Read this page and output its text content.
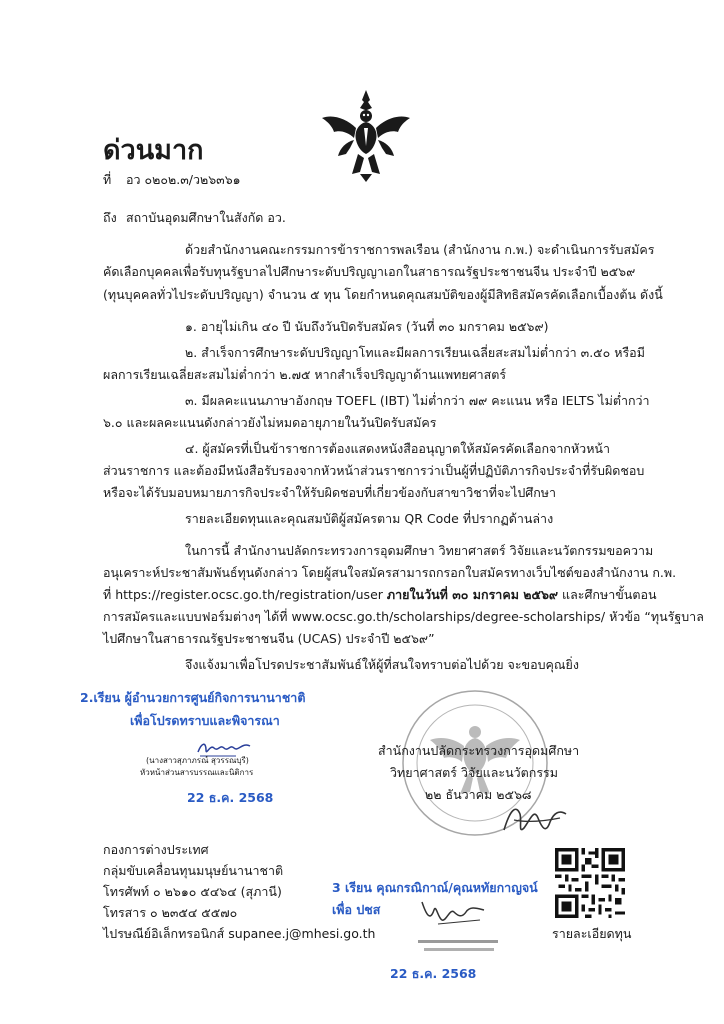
ด่วนมาก
ที่ อว ๐๒๐๒.๓/ว๒๖๓๖๑
ถึง สถาบันอุดมศึกษาในสังกัด อว.
ด้วยสำนักงานคณะกรรมการข้าราชการพลเรือน (สำนักงาน ก.พ.) จะดำเนินการรับสมัคร
คัดเลือกบุคคลเพื่อรับทุนรัฐบาลไปศึกษาระดับปริญญาเอกในสาธารณรัฐประชาชนจีน ประจำปี ๒๕๖๙
(ทุนบุคคลทั่วไประดับปริญญา) จำนวน ๕ ทุน โดยกำหนดคุณสมบัติของผู้มีสิทธิสมัครคัดเลือกเบื้องต้น ดังนี้
๑. อายุไม่เกิน ๔๐ ปี นับถึงวันปิดรับสมัคร (วันที่ ๓๐ มกราคม ๒๕๖๙)
๒. สำเร็จการศึกษาระดับปริญญาโทและมีผลการเรียนเฉลี่ยสะสมไม่ต่ำกว่า ๓.๕๐ หรือมี
ผลการเรียนเฉลี่ยสะสมไม่ต่ำกว่า ๒.๗๕ หากสำเร็จปริญญาด้านแพทยศาสตร์
๓. มีผลคะแนนภาษาอังกฤษ TOEFL (IBT) ไม่ต่ำกว่า ๗๙ คะแนน หรือ IELTS ไม่ต่ำกว่า
๖.๐ และผลคะแนนดังกล่าวยังไม่หมดอายุภายในวันปิดรับสมัคร
๔. ผู้สมัครที่เป็นข้าราชการต้องแสดงหนังสืออนุญาตให้สมัครคัดเลือกจากหัวหน้า
ส่วนราชการ และต้องมีหนังสือรับรองจากหัวหน้าส่วนราชการว่าเป็นผู้ที่ปฏิบัติภารกิจประจำที่รับผิดชอบ
หรือจะได้รับมอบหมายภารกิจประจำให้รับผิดชอบที่เกี่ยวข้องกับสาขาวิชาที่จะไปศึกษา
รายละเอียดทุนและคุณสมบัติผู้สมัครตาม QR Code ที่ปรากฏด้านล่าง
ในการนี้ สำนักงานปลัดกระทรวงการอุดมศึกษา วิทยาศาสตร์ วิจัยและนวัตกรรมขอความ
อนุเคราะห์ประชาสัมพันธ์ทุนดังกล่าว โดยผู้สนใจสมัครสามารถกรอกใบสมัครทางเว็บไซต์ของสำนักงาน ก.พ.
ที่ https://register.ocsc.go.th/registration/user ภายในวันที่ ๓๐ มกราคม ๒๕๖๙ และศึกษาขั้นตอน
การสมัครและแบบฟอร์มต่างๆ ได้ที่ www.ocsc.go.th/scholarships/degree-scholarships/ หัวข้อ “ทุนรัฐบาล
ไปศึกษาในสาธารณรัฐประชาชนจีน (UCAS) ประจำปี ๒๕๖๙”
จึงแจ้งมาเพื่อโปรดประชาสัมพันธ์ให้ผู้ที่สนใจทราบต่อไปด้วย จะขอบคุณยิ่ง
2.เรียน ผู้อำนวยการศูนย์กิจการนานาชาติ
เพื่อโปรดทราบและพิจารณา
(นางสาวสุภาภรณ์ สุวรรณบุรี)
หัวหน้าส่วนสารบรรณและนิติการ
22 ธ.ค. 2568
สำนักงานปลัดกระทรวงการอุดมศึกษา
วิทยาศาสตร์ วิจัยและนวัตกรรม
๒๒ ธันวาคม ๒๕๖๘
กองการต่างประเทศ
กลุ่มขับเคลื่อนทุนมนุษย์นานาชาติ
โทรศัพท์ ๐ ๒๖๑๐ ๕๔๖๔ (สุภานี)
โทรสาร ๐ ๒๓๕๔ ๕๕๗๐
ไปรษณีย์อิเล็กทรอนิกส์ supanee.j@mhesi.go.th
3 เรียน คุณกรณิกาณ์/คุณหทัยกาญจน์
เพื่อ ปชส
22 ธ.ค. 2568
รายละเอียดทุน
